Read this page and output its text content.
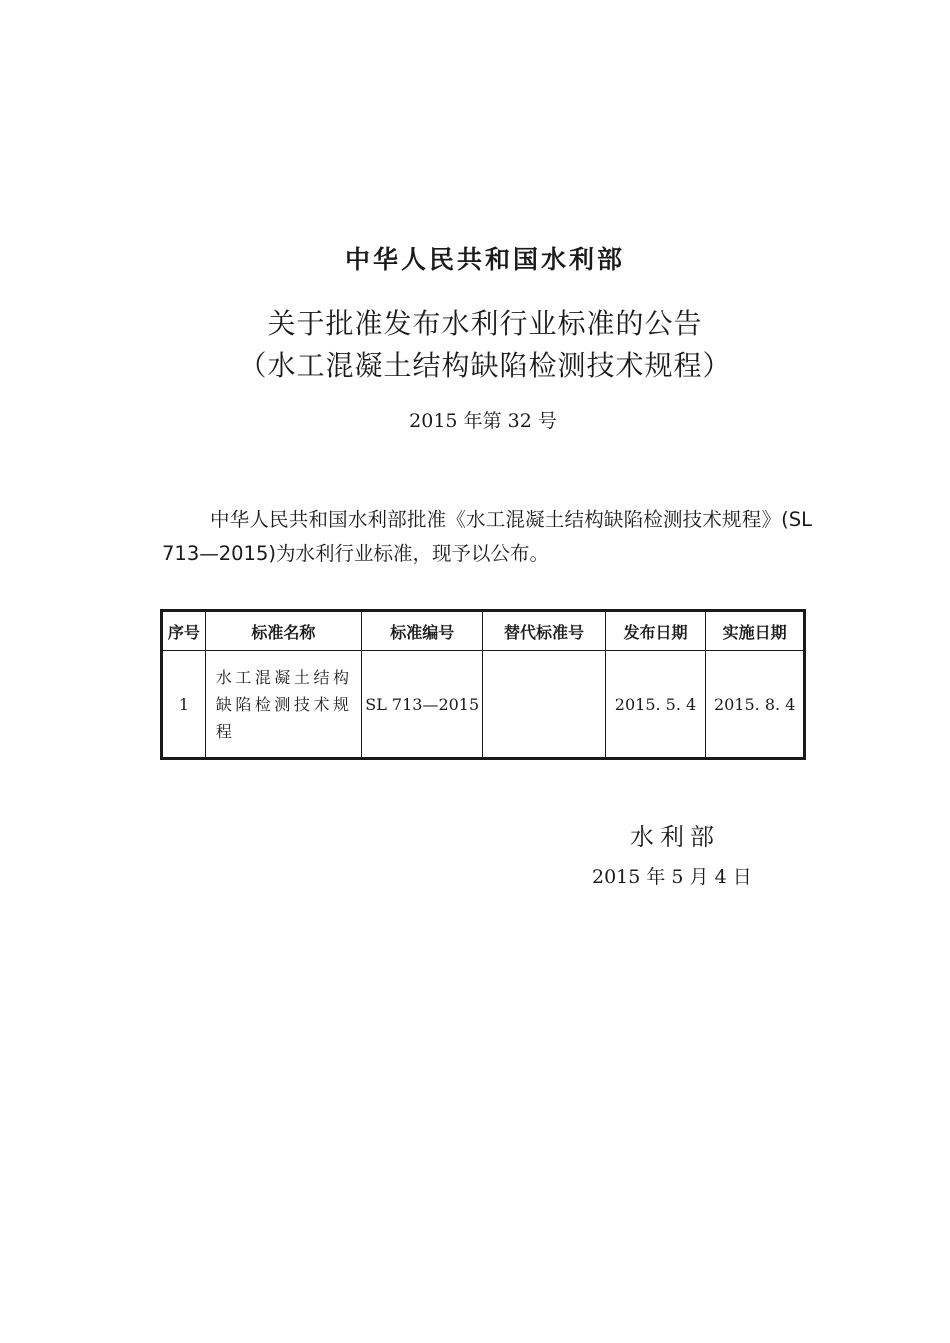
中华人民共和国水利部
关于批准发布水利行业标准的公告
（水工混凝土结构缺陷检测技术规程）
2015 年第 32 号
中华人民共和国水利部批准《水工混凝土结构缺陷检测技术规程》(SL 713—2015)为水利行业标准，现予以公布。
序号	标准名称	标准编号	替代标准号	发布日期	实施日期
1	水工混凝土结构缺陷检测技术规程	SL 713—2015		2015. 5. 4	2015. 8. 4
水利部
2015 年 5 月 4 日
